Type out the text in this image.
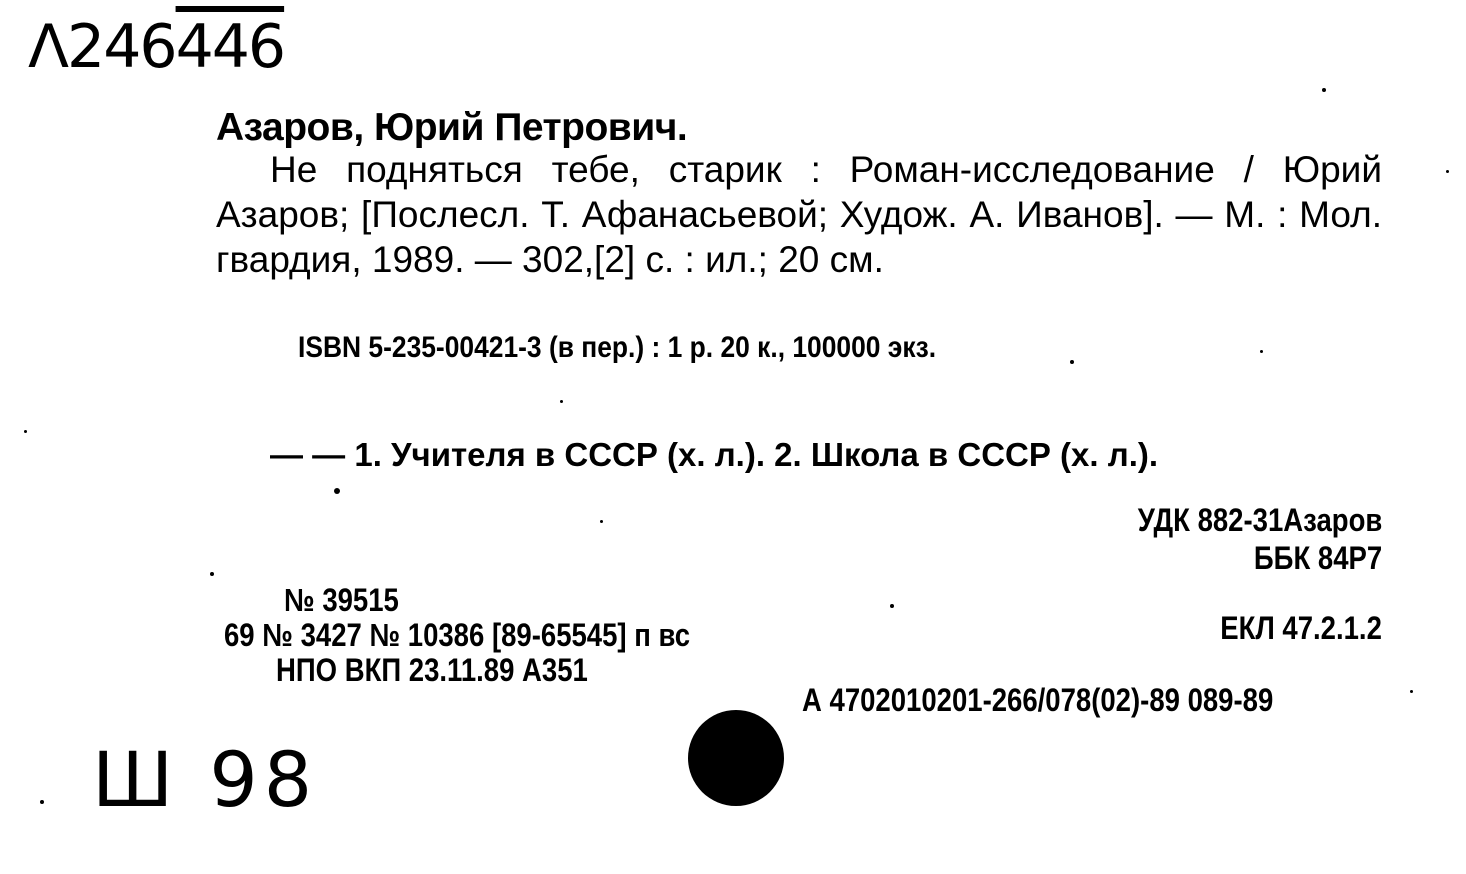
Λ246446
Азаров, Юрий Петрович.
Не подняться тебе, старик : Роман-исследование / Юрий Азаров; [Послесл. Т. Афанасьевой; Худож. А. Иванов]. — М. : Мол. гвардия, 1989. — 302,[2] с. : ил.; 20 см.
ISBN 5-235-00421-3 (в пер.) : 1 р. 20 к., 100000 экз.
— — 1. Учителя в СССР (х. л.). 2. Школа в СССР (х. л.).
УДК 882-31Азаров
ББК 84Р7
ЕКЛ 47.2.1.2
№ 39515
69 № 3427 № 10386 [89-65545] п вс
НПО ВКП 23.11.89 А351
А 4702010201-266/078(02)-89 089-89
Ш 98
